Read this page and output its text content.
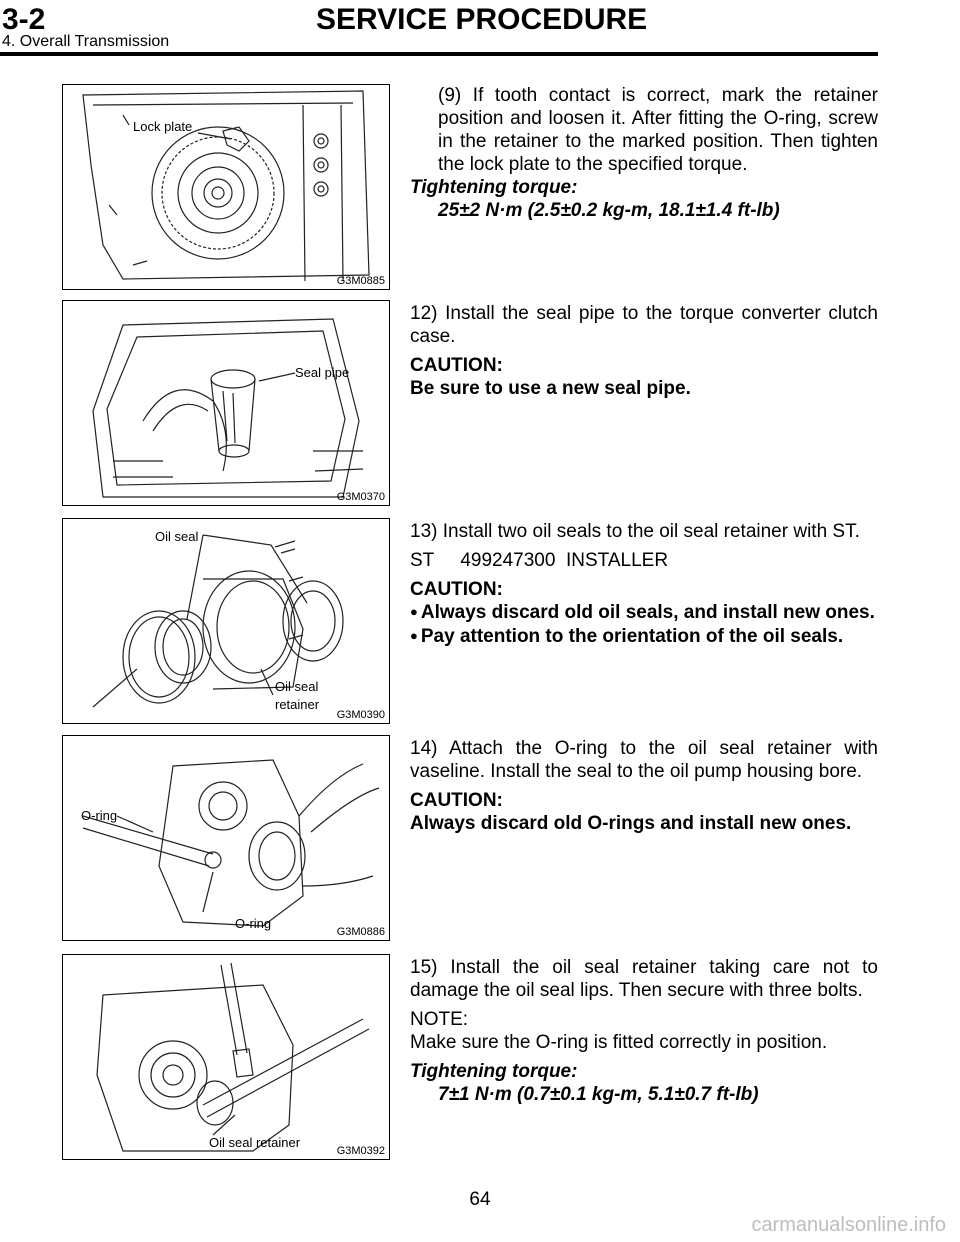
3-2	SERVICE PROCEDURE
4. Overall Transmission
Lock plate
G3M0885
Seal pipe
G3M0370
Oil seal
Oil seal
retainer
G3M0390
O-ring
O-ring
G3M0886
Oil seal retainer
G3M0392

(9) If tooth contact is correct, mark the retainer position and loosen it. After fitting the O-ring, screw in the retainer to the marked position. Then tighten the lock plate to the specified torque.

Tightening torque:

25±2 N·m (2.5±0.2 kg-m, 18.1±1.4 ft-lb)

12) Install the seal pipe to the torque converter clutch case.

CAUTION:

Be sure to use a new seal pipe.

13) Install two oil seals to the oil seal retainer with ST.

ST     499247300  INSTALLER

CAUTION:

● Always discard old oil seals, and install new ones.

● Pay attention to the orientation of the oil seals.

14) Attach the O-ring to the oil seal retainer with vaseline. Install the seal to the oil pump housing bore.

CAUTION:

Always discard old O-rings and install new ones.

15) Install the oil seal retainer taking care not to damage the oil seal lips. Then secure with three bolts.

NOTE:

Make sure the O-ring is fitted correctly in position.

Tightening torque:

7±1 N·m (0.7±0.1 kg-m, 5.1±0.7 ft-lb)

64
carmanualsonline.info
